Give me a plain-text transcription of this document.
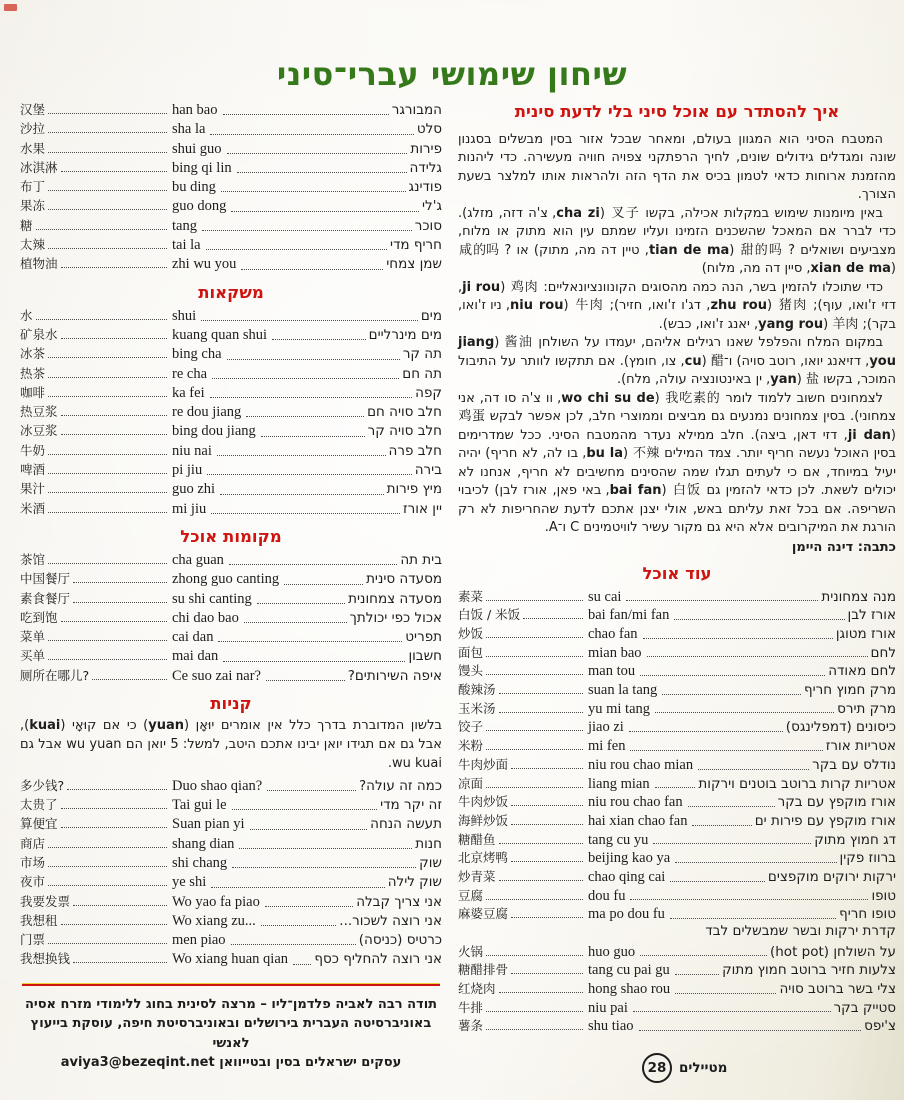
שיחון שימושי עברי־סיני
汉堡	han bao	המבורגר
沙拉	sha la	סלט
水果	shui guo	פירות
冰淇淋	bing qi lin	גלידה
布丁	bu ding	פודינג
果冻	guo dong	ג'לי
糖	tang	סוכר
太辣	tai la	חריף מדי
植物油	zhi wu you	שמן צמחי
משקאות
水	shui	מים
矿泉水	kuang quan shui	מים מינרליים
冰茶	bing cha	תה קר
热茶	re cha	תה חם
咖啡	ka fei	קפה
热豆浆	re dou jiang	חלב סויה חם
冰豆浆	bing dou jiang	חלב סויה קר
牛奶	niu nai	חלב פרה
啤酒	pi jiu	בירה
果汁	guo zhi	מיץ פירות
米酒	mi jiu	יין אורז
מקומות אוכל
茶馆	cha guan	בית תה
中国餐厅	zhong guo canting	מסעדה סינית
素食餐厅	su shi canting	מסעדה צמחונית
吃到饱	chi dao bao	אכול כפי יכולתך
菜单	cai dan	תפריט
买单	mai dan	חשבון
厕所在哪儿?	Ce suo zai nar?	איפה השירותים?
קניות

בלשון המדוברת בדרך כלל אין אומרים יוּאָן (yuan) כי אם קוּאָי (kuai), אבל גם אם תגידו יואן יבינו אתכם היטב, למשל: 5 יואן הם wu yuan אבל גם wu kuai.

多少钱?	Duo shao qian?	כמה זה עולה?
太贵了	Tai gui le	זה יקר מדי
算便宜	Suan pian yi	תעשה הנחה
商店	shang dian	חנות
市场	shi chang	שוק
夜市	ye shi	שוק לילה
我要发票	Wo yao fa piao	אני צריך קבלה
我想租	Wo xiang zu...	אני רוצה לשכור...
门票	men piao	כרטיס (כניסה)
我想换钱	Wo xiang huan qian אני רוצה להחליף כסף
תודה רבה לאביה פלדמן־ליו – מרצה לסינית בחוג ללימודי מזרח אסיה
באוניברסיטה העברית בירושלים ובאוניברסיטת חיפה, עוסקת בייעוץ לאנשי
עסקים ישראלים בסין ובטייוואן aviya3@bezeqint.net
איך להסתדר עם אוכל סיני בלי לדעת סינית

המטבח הסיני הוא המגוון בעולם, ומאחר שבכל אזור בסין מבשלים בסגנון שונה ומגדלים גידולים שונים, לחיך הרפתקני צפויה חוויה מעשירה. כדי ליהנות מהזמנת ארוחות כדאי לטמון בכיס את הדף הזה ולהראות אותו למלצר בשעת הצורך.

באין מיומנות שימוש במקלות אכילה, בקשו 叉子 (cha zi, צ'ה דזה, מזלג). כדי לברר אם המאכל שהשכנים הזמינו ועליו שמתם עין הוא מתוק או מלוח, מצביעים ושואלים ? 甜的吗 (tian de ma, טיין דה מה, מתוק) או ? 咸的吗 (xian de ma, סיין דה מה, מלוח)

כדי שתוכלו להזמין בשר, הנה כמה מהסוגים הקונוונציונאליים: 鸡肉 (ji rou, דזי ז'ואו, עוף); 猪肉 (zhu rou, דג'ו ז'ואו, חזיר); 牛肉 (niu rou, ניו ז'ואו, בקר); 羊肉 (yang rou, יאנג ז'ואו, כבש).

במקום המלח והפלפל שאנו רגילים אליהם, יעמדו על השולחן 酱油 (jiang you, דזיאנג יואו, רוטב סויה) ו־醋 (cu, צו, חומץ). אם תתקשו לוותר על התיבול המוכר, בקשו 盐 (yan, ין באינטונציה עולה, מלח).

לצמחונים חשוב ללמוד לומר 我吃素的 (wo chi su de, וו צ'ה סו דה, אני צמחוני). בסין צמחונים נמנעים גם מביצים וממוצרי חלב, לכן אפשר לבקש 鸡蛋 (ji dan, דזי דאן, ביצה). חלב ממילא נעדר מהמטבח הסיני. ככל שמדרימים בסין האוכל נעשה חריף יותר. צמד המילים 不辣 (bu la, בו לה, לא חריף) יהיה יעיל במיוחד, אם כי לעתים תגלו שמה שהסינים מחשיבים לא חריף, אנחנו לא יכולים לשאת. לכן כדאי להזמין גם 白饭 (bai fan, באי פאן, אורז לבן) לכיבוי השריפה. אם בכל זאת עליתם באש, אולי יצנן אתכם לדעת שהחריפות לא רק הורגת את המיקרובים אלא היא גם מקור עשיר לוויטמינים C ו־A.

כתבה: דינה היימן

עוד אוכל
素菜	su cai	מנה צמחונית
白饭 / 米饭	bai fan/mi fan	אורז לבן
炒饭	chao fan	אורז מטוגן
面包	mian bao	לחם
馒头	man tou	לחם מאודה
酸辣汤	suan la tang	מרק חמוץ חריף
玉米汤	yu mi tang	מרק תירס
饺子	jiao zi	כיסונים (דמפלינגס)
米粉	mi fen	אטריות אורז
牛肉炒面	niu rou chao mian	נודלס עם בקר
凉面	liang mian	אטריות קרות ברוטב בוטנים וירקות
牛肉炒饭	niu rou chao fan	אורז מוקפץ עם בקר
海鲜炒饭	hai xian chao fan	אורז מוקפץ עם פירות ים
糖醋鱼	tang cu yu	דג חמוץ מתוק
北京烤鸭	beijing kao ya	ברווז פקין
炒青菜	chao qing cai	ירקות ירוקים מוקפצים
豆腐	dou fu	טופו
麻婆豆腐	ma po dou fu	טופו חריף
קדרת ירקות ובשר שמבשלים לבד
火锅	huo guo	על השולחן (hot pot)
糖醋排骨	tang cu pai gu	צלעות חזיר ברוטב חמוץ מתוק
红烧肉	hong shao rou	צלי בשר ברוטב סויה
牛排	niu pai	סטייק בקר
薯条	shu tiao	צ'יפס
28 מטיילים
